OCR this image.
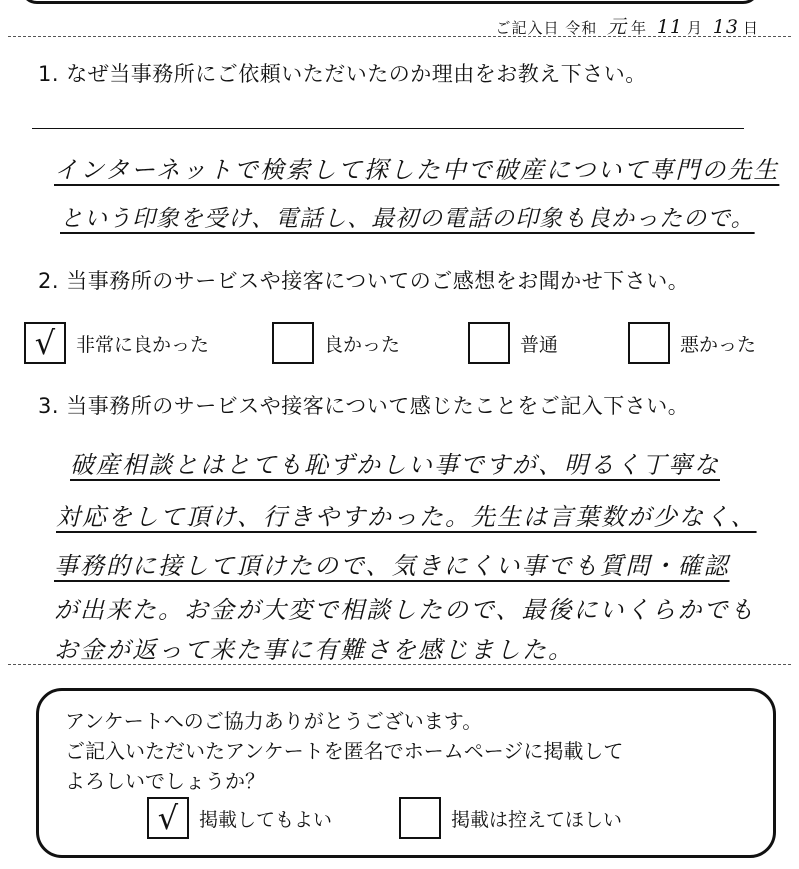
ご記入日 令和 元 年 11 月 13 日
1. なぜ当事務所にご依頼いただいたのか理由をお教え下さい。
インターネットで検索して探した中で破産について専門の先生
という印象を受け、電話し、最初の電話の印象も良かったので。
2. 当事務所のサービスや接客についてのご感想をお聞かせ下さい。
√	非常に良かった	良かった	普通	悪かった
3. 当事務所のサービスや接客について感じたことをご記入下さい。
破産相談とはとても恥ずかしい事ですが、明るく丁寧な
対応をして頂け、行きやすかった。先生は言葉数が少なく、
事務的に接して頂けたので、気きにくい事でも質問・確認
が出来た。お金が大変で相談したので、最後にいくらかでも
お金が返って来た事に有難さを感じました。
アンケートへのご協力ありがとうございます。
ご記入いただいたアンケートを匿名でホームページに掲載して
よろしいでしょうか？
√	掲載してもよい	掲載は控えてほしい
